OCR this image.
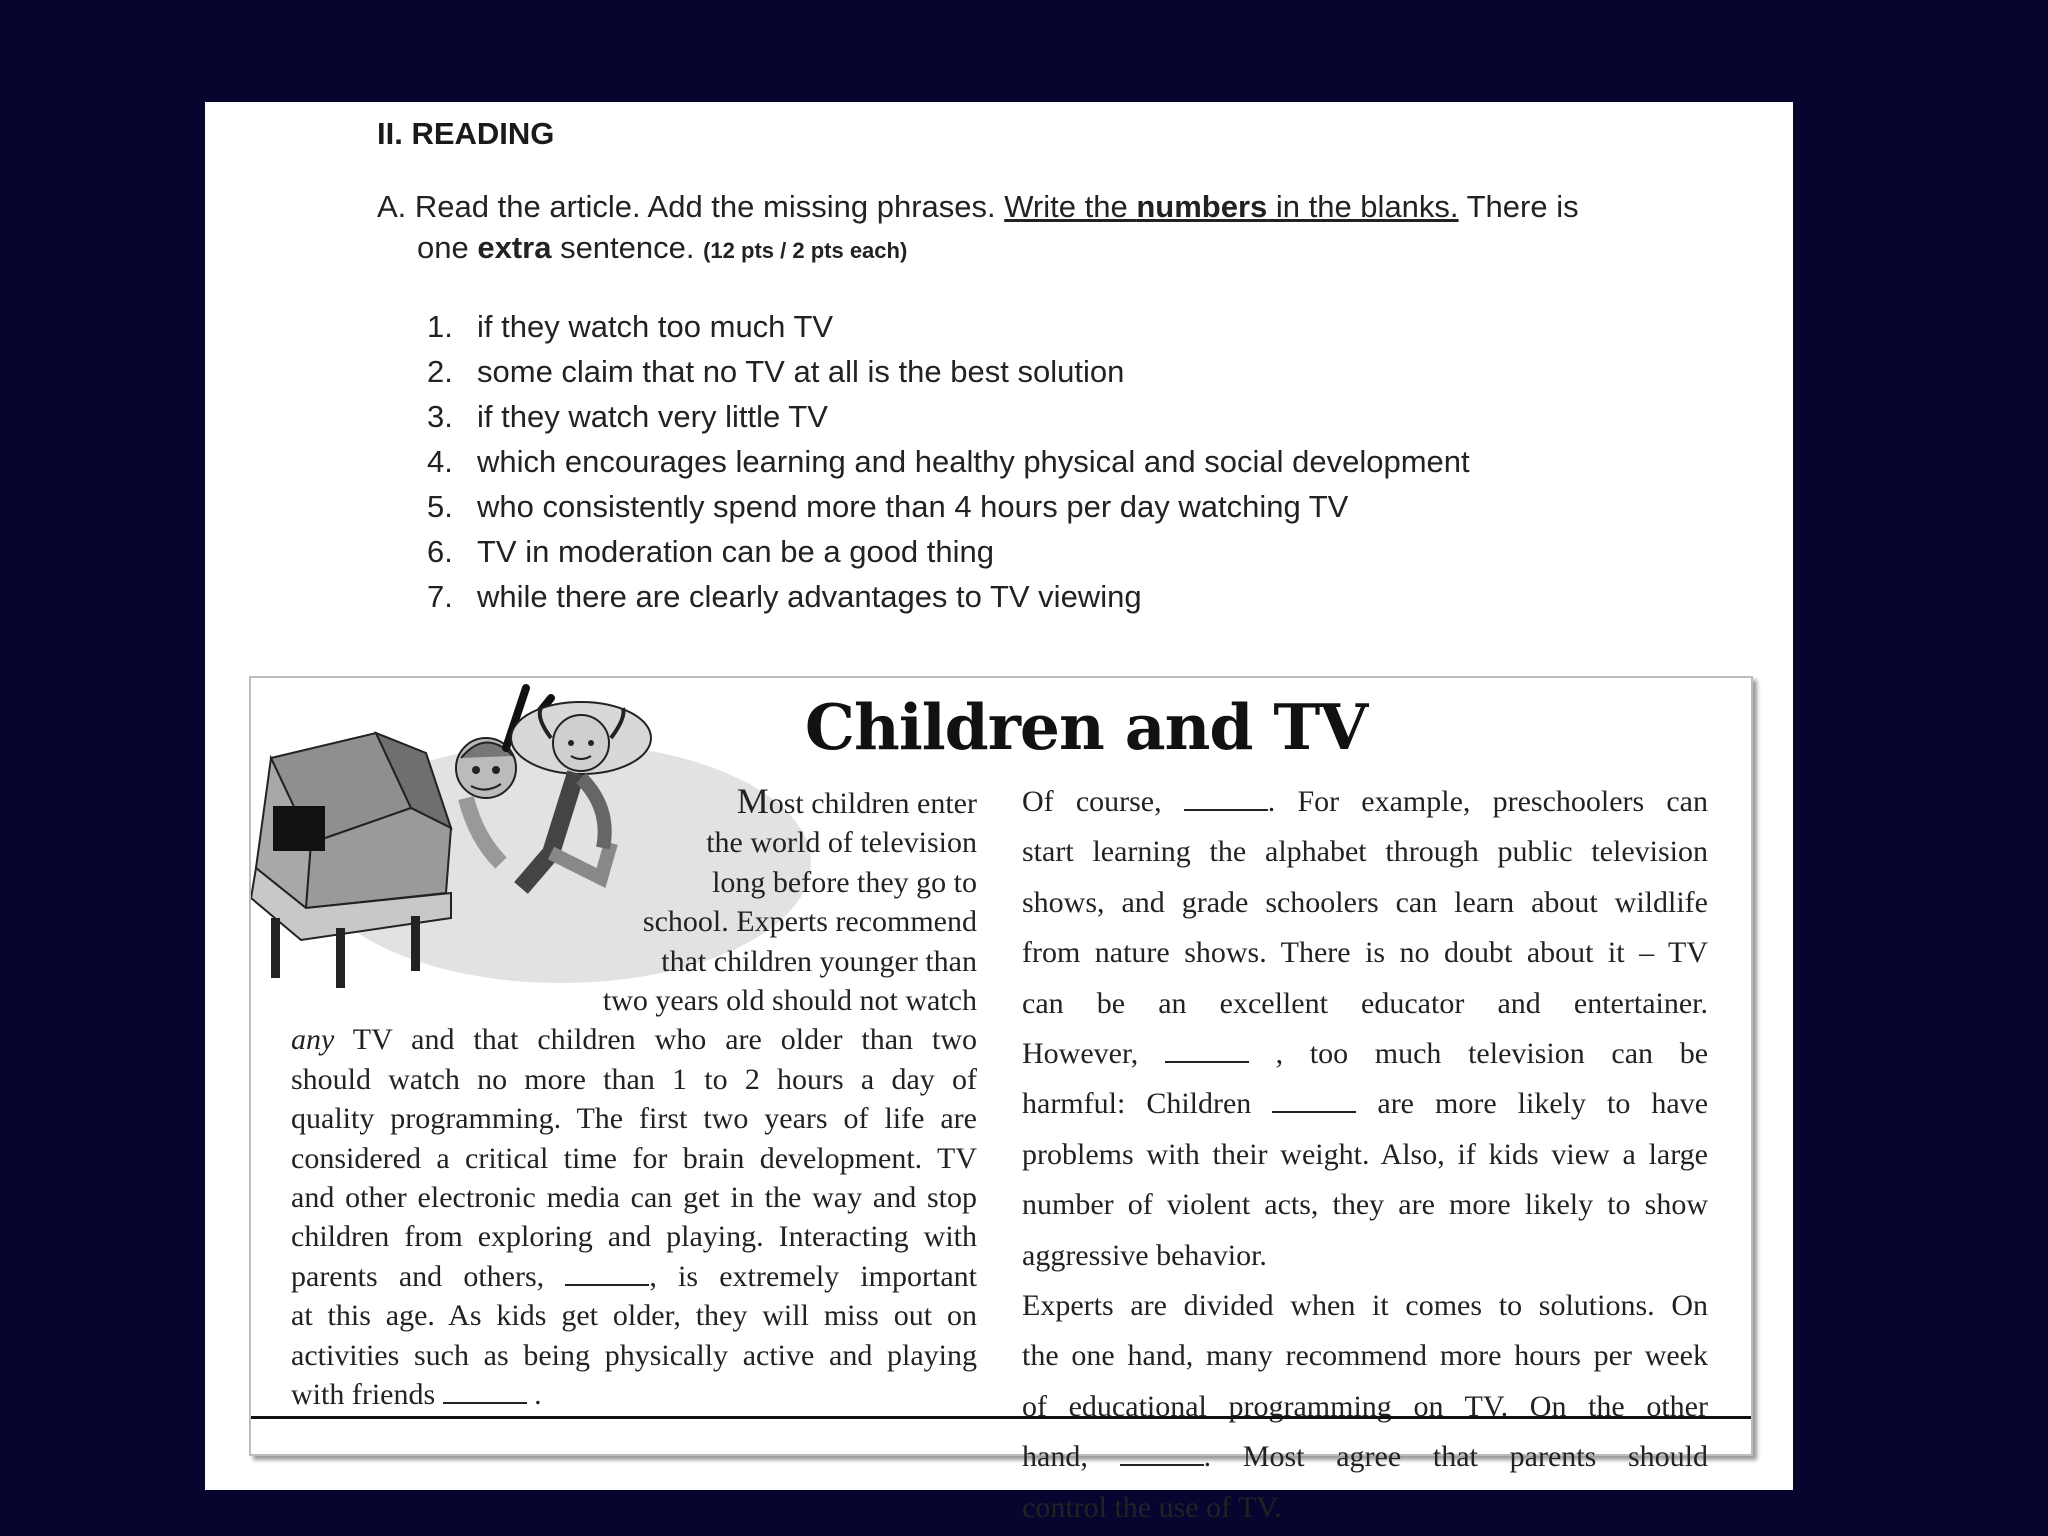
II. READING
A. Read the article. Add the missing phrases. Write the numbers in the blanks. There is
one extra sentence. (12 pts / 2 pts each)
1. if they watch too much TV
2. some claim that no TV at all is the best solution
3. if they watch very little TV
4. which encourages learning and healthy physical and social development
5. who consistently spend more than 4 hours per day watching TV
6. TV in moderation can be a good thing
7. while there are clearly advantages to TV viewing
Children and TV

Most children enter

the world of television

long before they go to

school. Experts recommend

that children younger than

two years old should not watch

any TV and that children who are older than two

should watch no more than 1 to 2 hours a day of

quality programming. The first two years of life are

considered a critical time for brain development. TV

and other electronic media can get in the way and stop

children from exploring and playing. Interacting with

parents and others,	, is extremely important

at this age. As kids get older, they will miss out on

activities such as being physically active and playing

with friends	.

Of course,	. For example, preschoolers can

start learning the alphabet through public television

shows, and grade schoolers can learn about wildlife

from nature shows. There is no doubt about it – TV

can be an excellent educator and entertainer.

However,	, too much television can be

harmful: Children	are more likely to have

problems with their weight. Also, if kids view a large

number of violent acts, they are more likely to show

aggressive behavior.

Experts are divided when it comes to solutions. On

the one hand, many recommend more hours per week

of educational programming on TV. On the other

hand,	. Most agree that parents should

control the use of TV.
